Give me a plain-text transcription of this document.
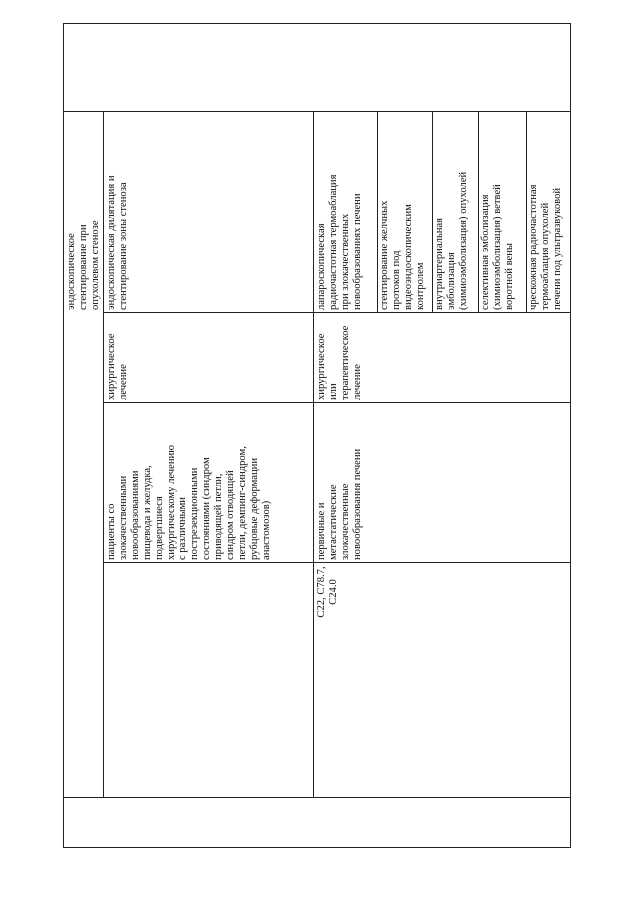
эндоскопическое
стентирование при
опухолевом стенозе
пациенты со
злокачественными
новообразованиями
пищевода и желудка,
подвергшиеся
хирургическому лечению
с различными
пострезекционными
состояниями (синдром
приводящей петли,
синдром отводящей
петли, демпинг-синдром,
рубцовые деформации
анастомозов)
хирургическое
лечение
эндоскопическая дилятация и
стентирование зоны стеноза
C22, C78.7,
C24.0
первичные и
метастатические
злокачественные
новообразования печени
хирургическое
или
терапевтическое
лечение
лапароскопическая
радиочастотная термоаблация
при злокачественных
новообразованиях печени
стентирование желчных
протоков под
видеоэндоскопическим
контролем внутриартериальная
эмболизация
(химиоэмболизация) опухолей
селективная эмболизация
(химиоэмболизация) ветвей
воротной вены
чрескожная радиочастотная
термоаблация опухолей
печени под ультразвуковой
